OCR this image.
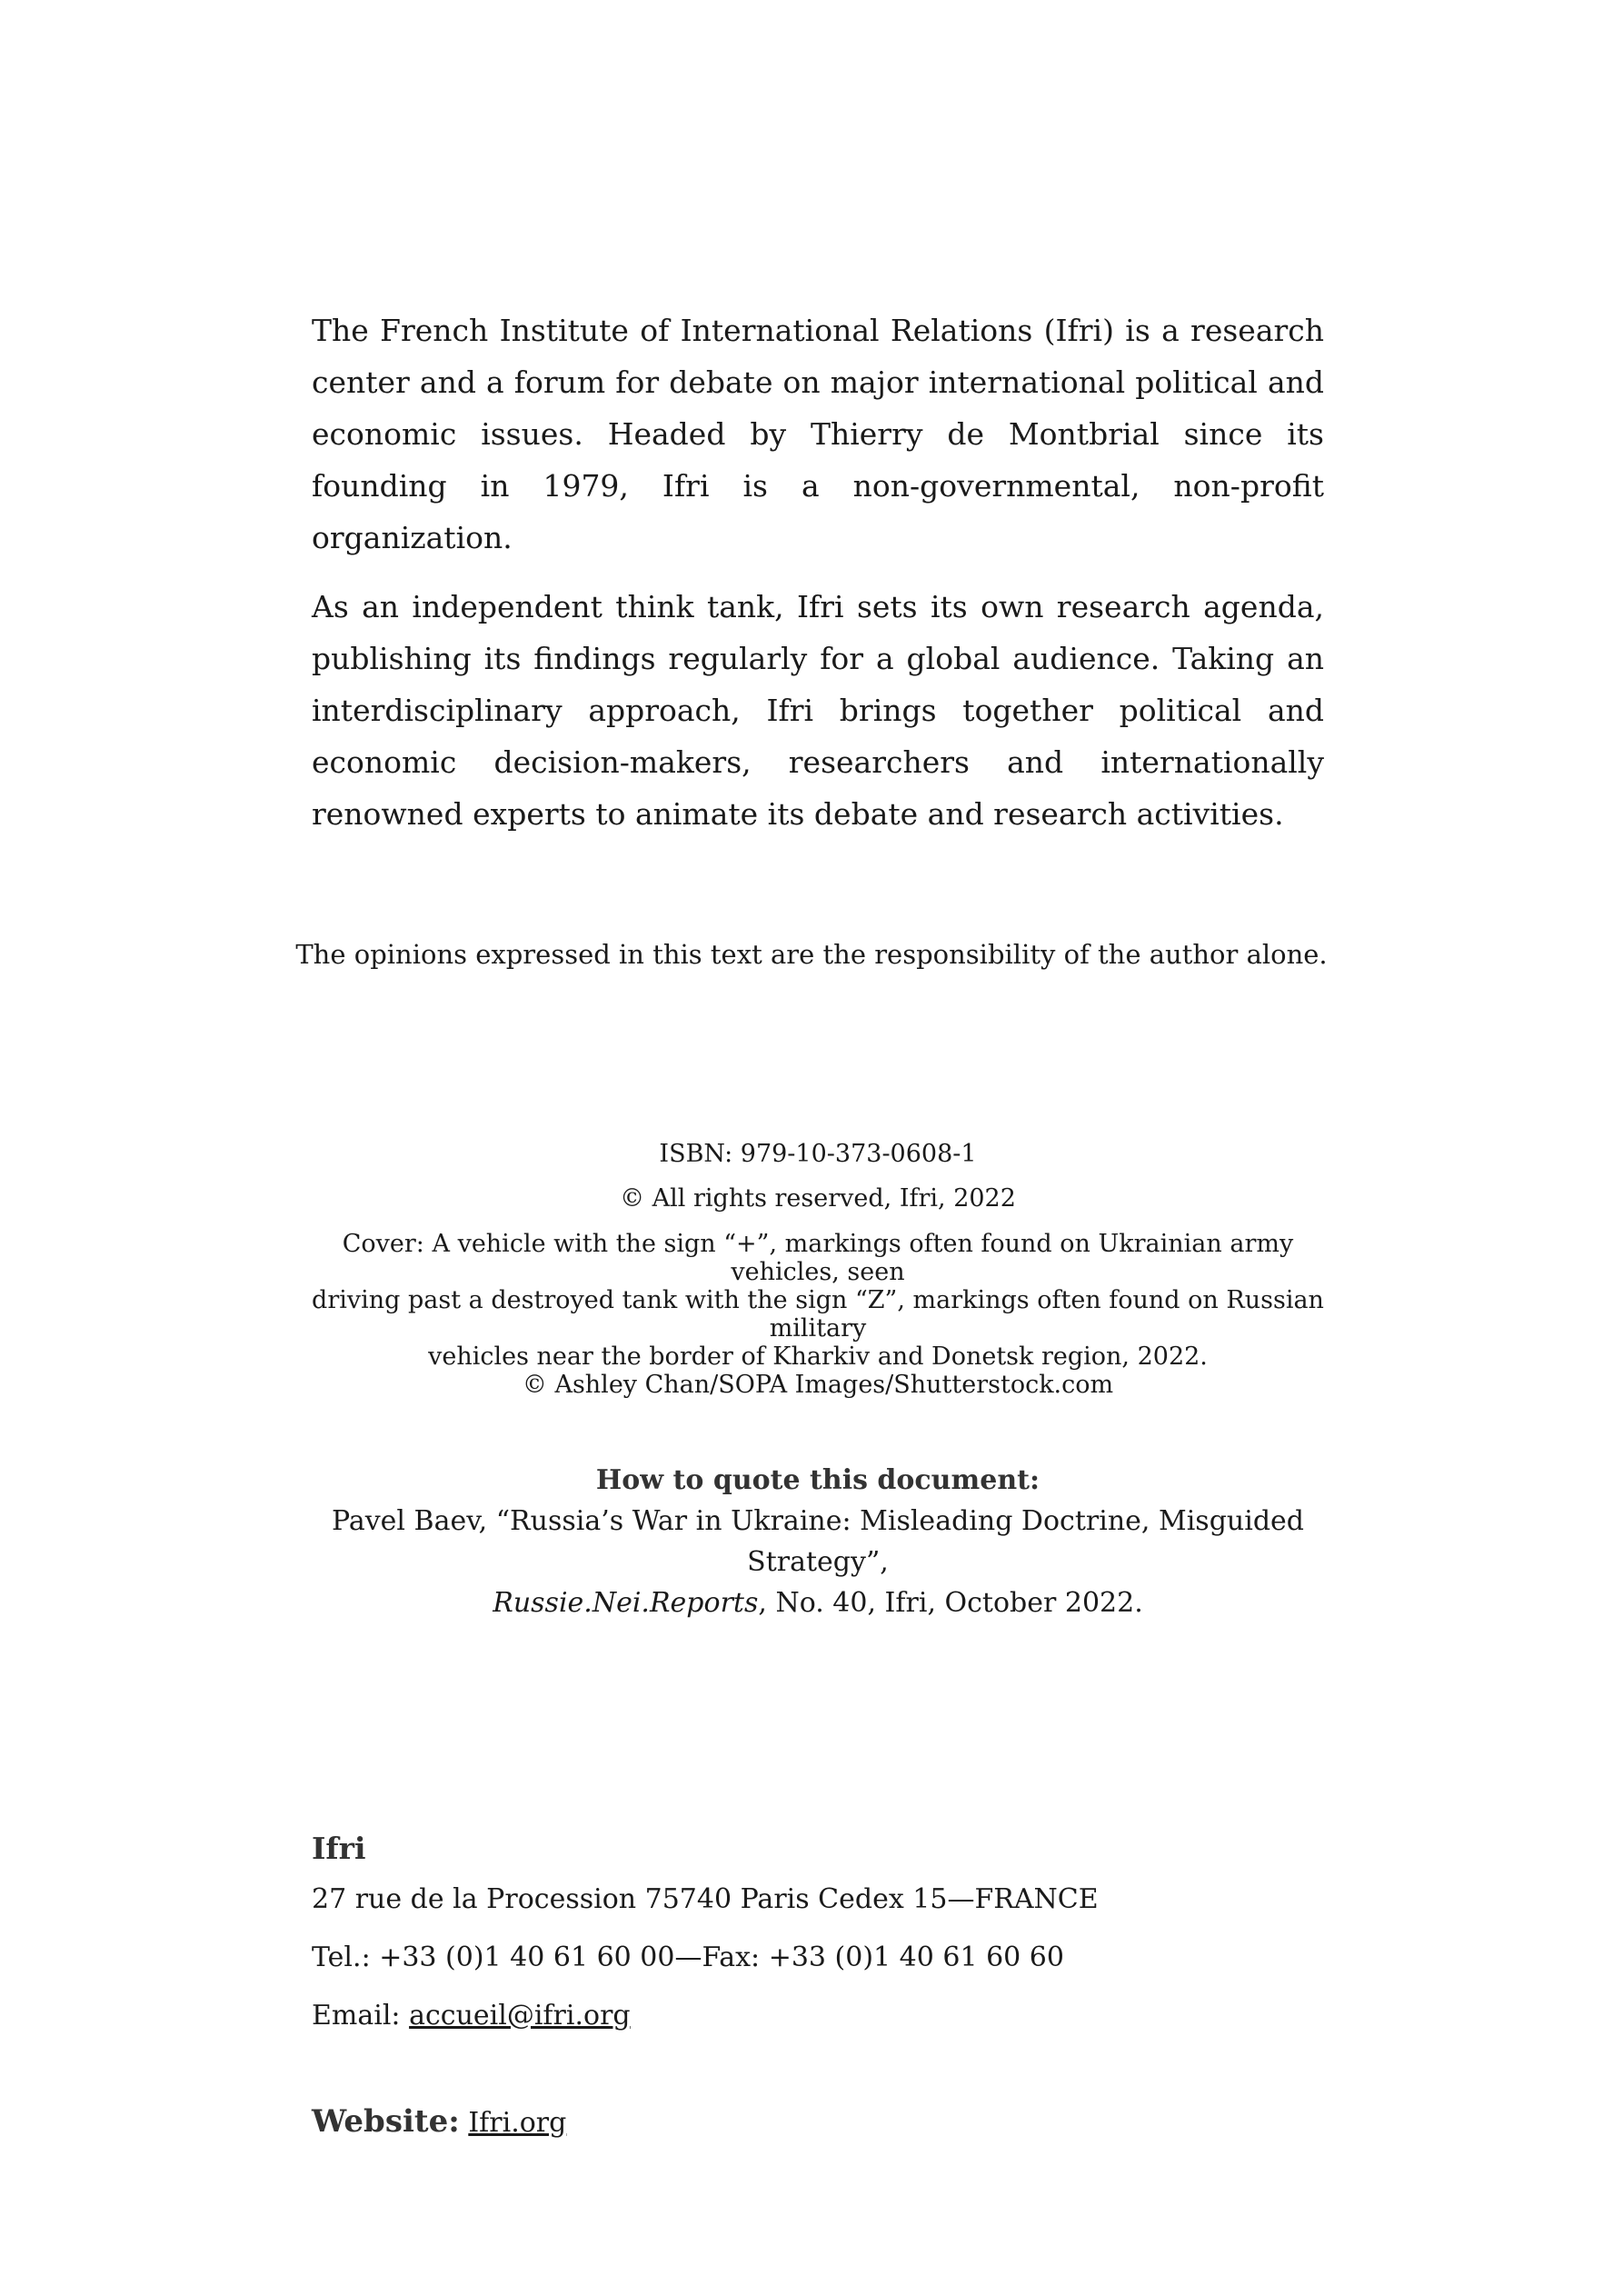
The French Institute of International Relations (Ifri) is a research center and a forum for debate on major international political and economic issues. Headed by Thierry de Montbrial since its founding in 1979, Ifri is a non-governmental, non-profit organization.

As an independent think tank, Ifri sets its own research agenda, publishing its findings regularly for a global audience. Taking an interdisciplinary approach, Ifri brings together political and economic decision-makers, researchers and internationally renowned experts to animate its debate and research activities.

The opinions expressed in this text are the responsibility of the author alone.
ISBN: 979-10-373-0608-1
© All rights reserved, Ifri, 2022
Cover: A vehicle with the sign “+”, markings often found on Ukrainian army vehicles, seen
driving past a destroyed tank with the sign “Z”, markings often found on Russian military
vehicles near the border of Kharkiv and Donetsk region, 2022.
© Ashley Chan/SOPA Images/Shutterstock.com
How to quote this document:
Pavel Baev, “Russia’s War in Ukraine: Misleading Doctrine, Misguided Strategy”,
Russie.Nei.Reports, No. 40, Ifri, October 2022.
Ifri
27 rue de la Procession 75740 Paris Cedex 15—FRANCE
Tel.: +33 (0)1 40 61 60 00—Fax: +33 (0)1 40 61 60 60
Email: accueil@ifri.org
Website: Ifri.org
